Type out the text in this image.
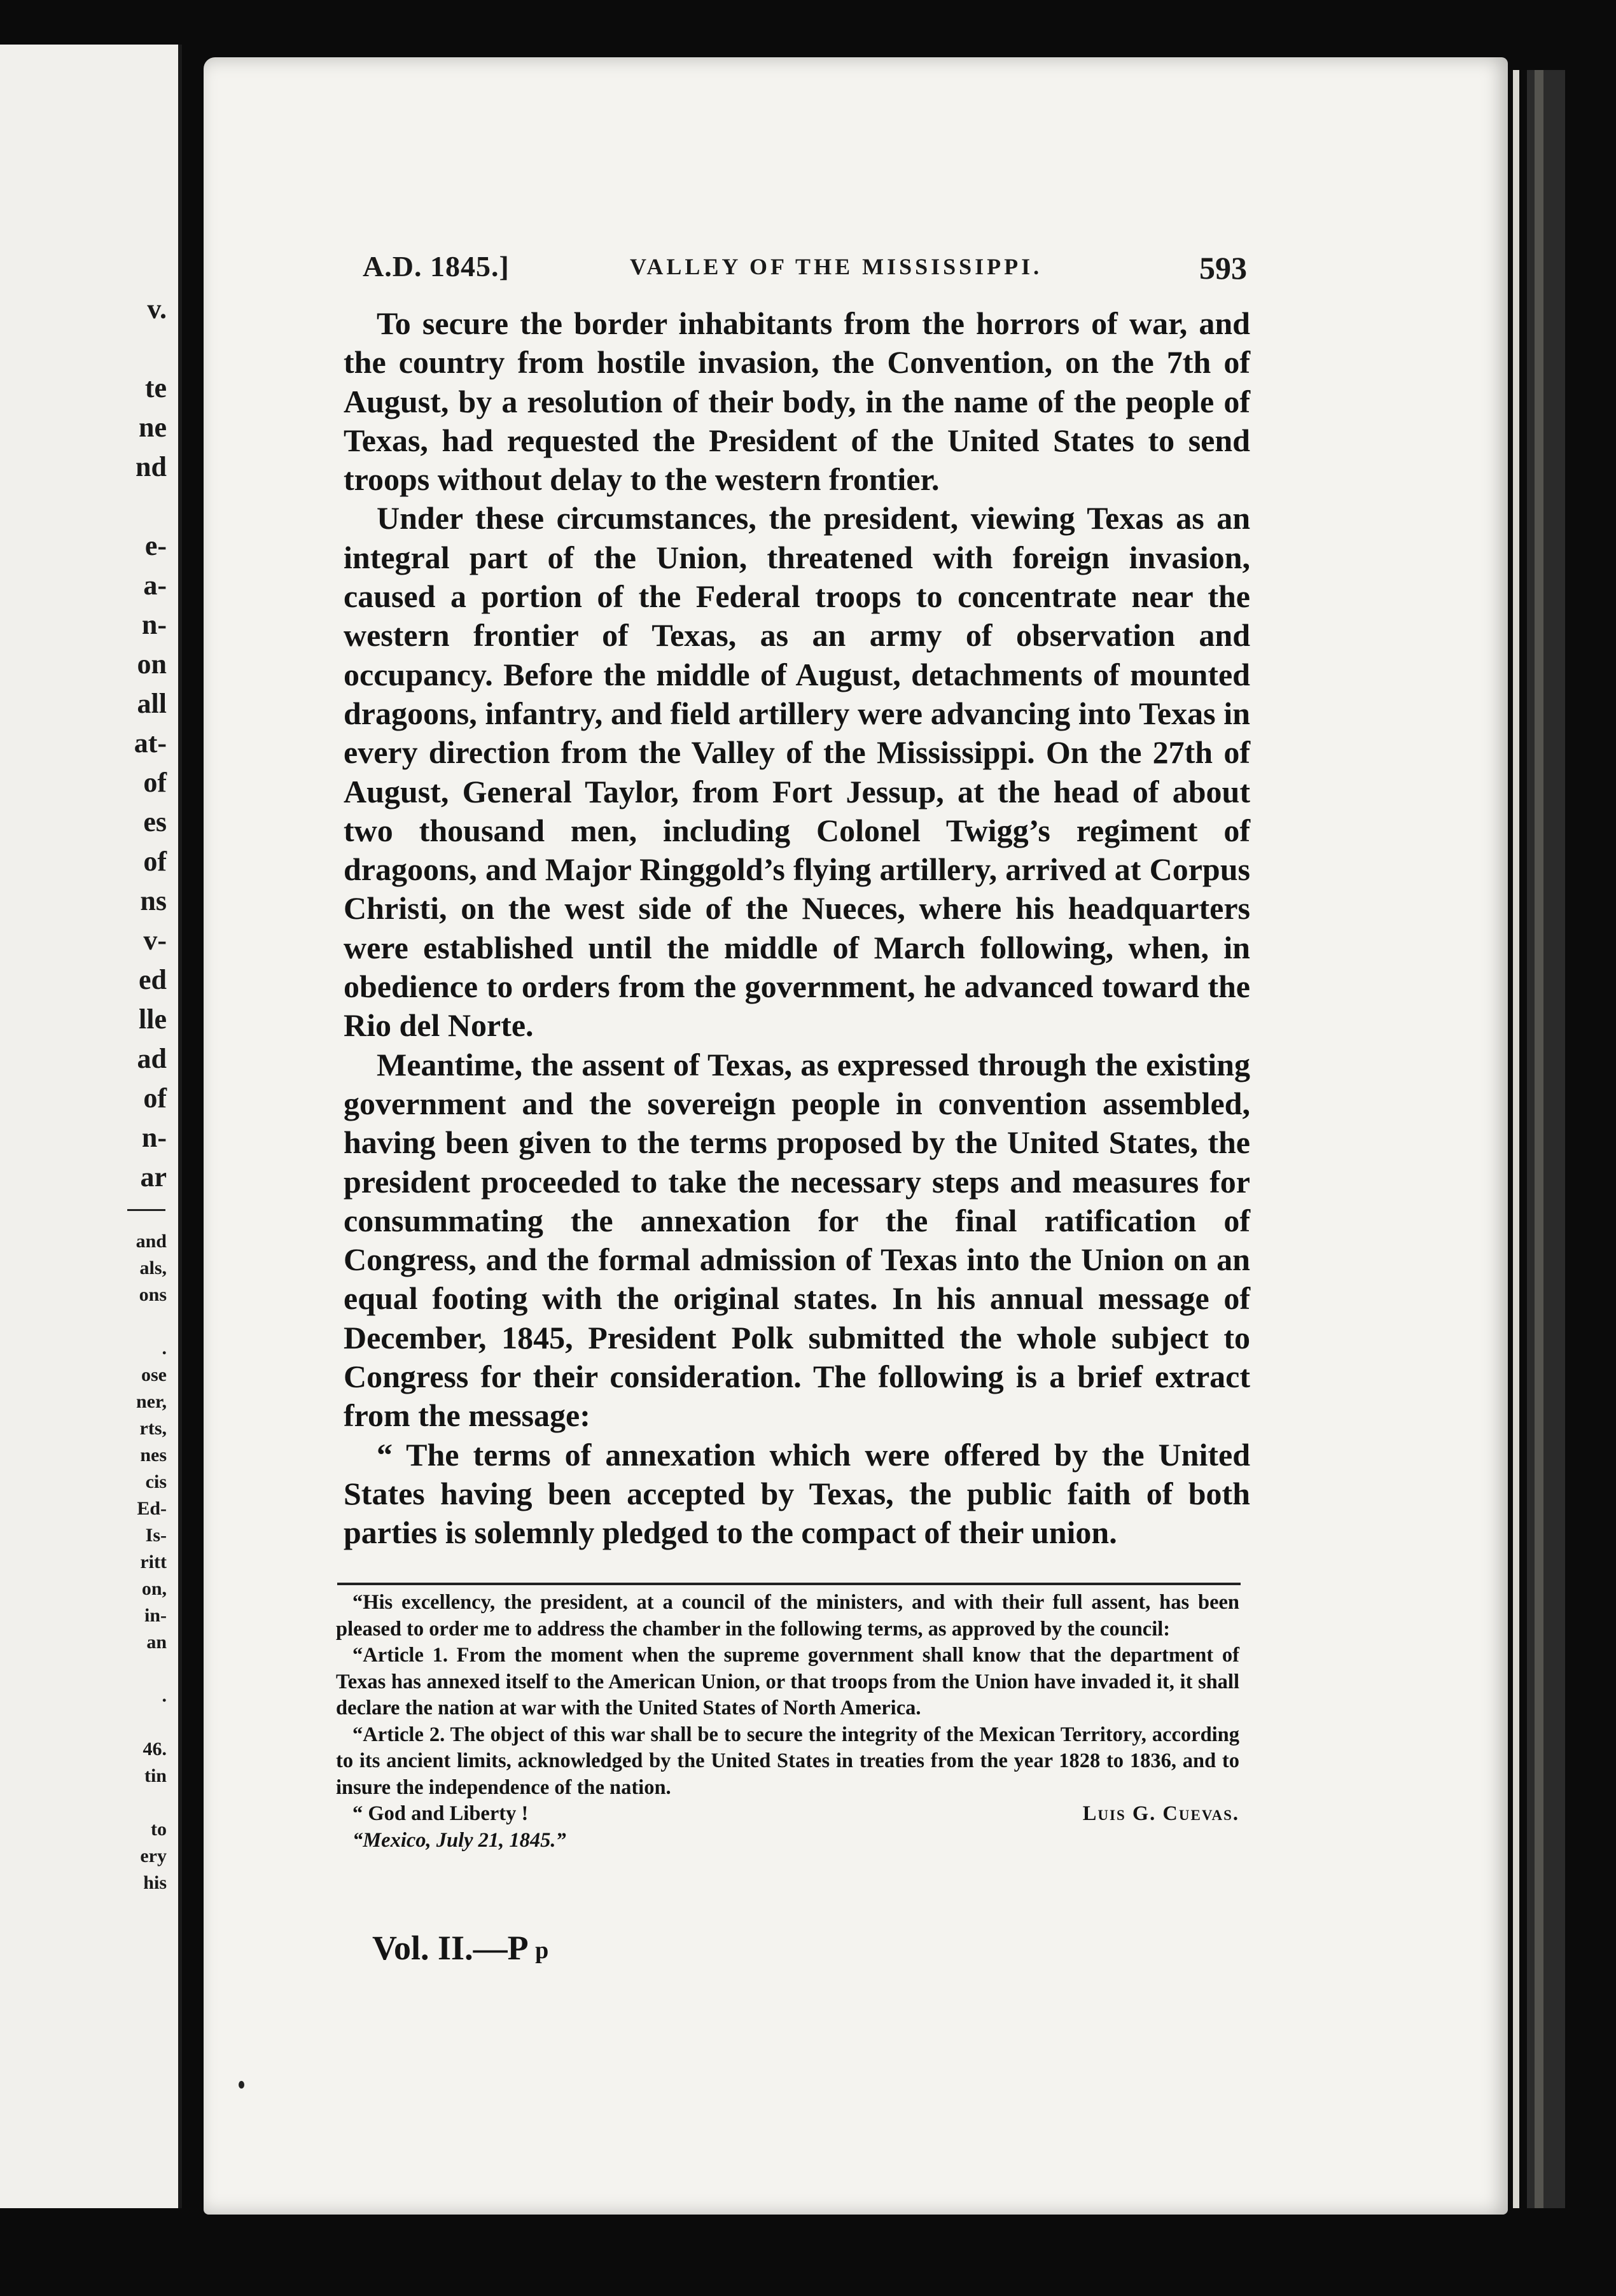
v.

te
ne
nd

e-
a-
n-
on
all
at-
of
es
of
ns
v-
ed
lle
ad
of
n-
ar
and
als,
ons

.
ose
ner,
rts,
nes
cis
Ed-
Is-
ritt
on,
in-
an

.

46.
tin

to
ery
his
A.D. 1845.]	VALLEY OF THE MISSISSIPPI.	593

To secure the border inhabitants from the horrors of war, and the country from hostile invasion, the Convention, on the 7th of August, by a resolution of their body, in the name of the people of Texas, had requested the President of the United States to send troops without delay to the western frontier.

Under these circumstances, the president, viewing Texas as an integral part of the Union, threatened with foreign invasion, caused a portion of the Federal troops to concentrate near the western frontier of Texas, as an army of observation and occupancy. Before the middle of August, detachments of mounted dragoons, infantry, and field artillery were advancing into Texas in every direction from the Valley of the Mississippi. On the 27th of August, General Taylor, from Fort Jessup, at the head of about two thousand men, including Colonel Twigg’s regiment of dragoons, and Major Ringgold’s flying artillery, arrived at Corpus Christi, on the west side of the Nueces, where his headquarters were established until the middle of March following, when, in obedience to orders from the government, he advanced toward the Rio del Norte.

Meantime, the assent of Texas, as expressed through the existing government and the sovereign people in convention assembled, having been given to the terms proposed by the United States, the president proceeded to take the necessary steps and measures for consummating the annexation for the final ratification of Congress, and the formal admission of Texas into the Union on an equal footing with the original states. In his annual message of December, 1845, President Polk submitted the whole subject to Congress for their consideration. The following is a brief extract from the message:

“ The terms of annexation which were offered by the United States having been accepted by Texas, the public faith of both parties is solemnly pledged to the compact of their union.

“His excellency, the president, at a council of the ministers, and with their full assent, has been pleased to order me to address the chamber in the following terms, as approved by the council:

“Article 1. From the moment when the supreme government shall know that the department of Texas has annexed itself to the American Union, or that troops from the Union have invaded it, it shall declare the nation at war with the United States of North America.

“Article 2. The object of this war shall be to secure the integrity of the Mexican Territory, according to its ancient limits, acknowledged by the United States in treaties from the year 1828 to 1836, and to insure the independence of the nation.

“ God and Liberty !	Luis G. Cuevas.
“Mexico, July 21, 1845.”
Vol. II.—P p
